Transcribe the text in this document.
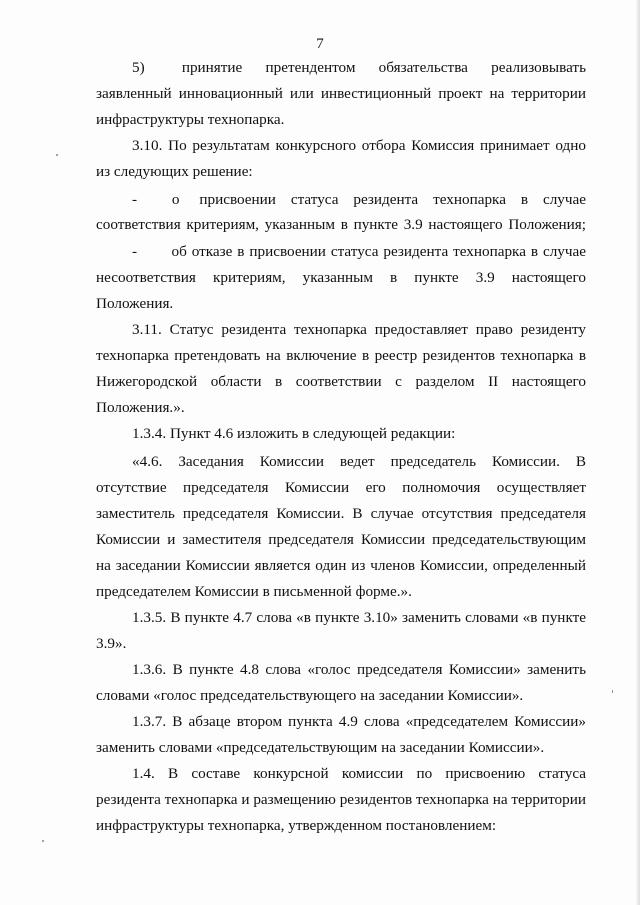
7
5)        принятие     претендентом     обязательства     реализовывать
заявленный инновационный или инвестиционный проект на территории
инфраструктуры технопарка.
3.10. По результатам конкурсного отбора Комиссия принимает одно
из следующих решение:
-       о    присвоении   статуса   резидента   технопарка   в   случае
соответствия критериям, указанным в пункте 3.9 настоящего Положения;
-       об отказе в присвоении статуса резидента технопарка в случае
несоответствия   критериям,   указанным   в   пункте   3.9   настоящего
Положения.
3.11. Статус резидента технопарка предоставляет право резиденту
технопарка претендовать на включение в реестр резидентов технопарка в
Нижегородской области в соответствии с разделом II настоящего
Положения.».
1.3.4. Пункт 4.6 изложить в следующей редакции:
«4.6. Заседания Комиссии ведет председатель Комиссии. В
отсутствие председателя Комиссии его полномочия осуществляет
заместитель председателя Комиссии. В случае отсутствия председателя
Комиссии и заместителя председателя Комиссии председательствующим
на заседании Комиссии является один из членов Комиссии, определенный
председателем Комиссии в письменной форме.».
1.3.5. В пункте 4.7 слова «в пункте 3.10» заменить словами «в пункте
3.9».
1.3.6. В пункте 4.8 слова «голос председателя Комиссии» заменить
словами «голос председательствующего на заседании Комиссии».
1.3.7. В абзаце втором пункта 4.9 слова «председателем Комиссии»
заменить словами «председательствующим на заседании Комиссии».
1.4. В составе конкурсной комиссии по присвоению статуса
резидента технопарка и размещению резидентов технопарка на территории
инфраструктуры технопарка, утвержденном постановлением:
